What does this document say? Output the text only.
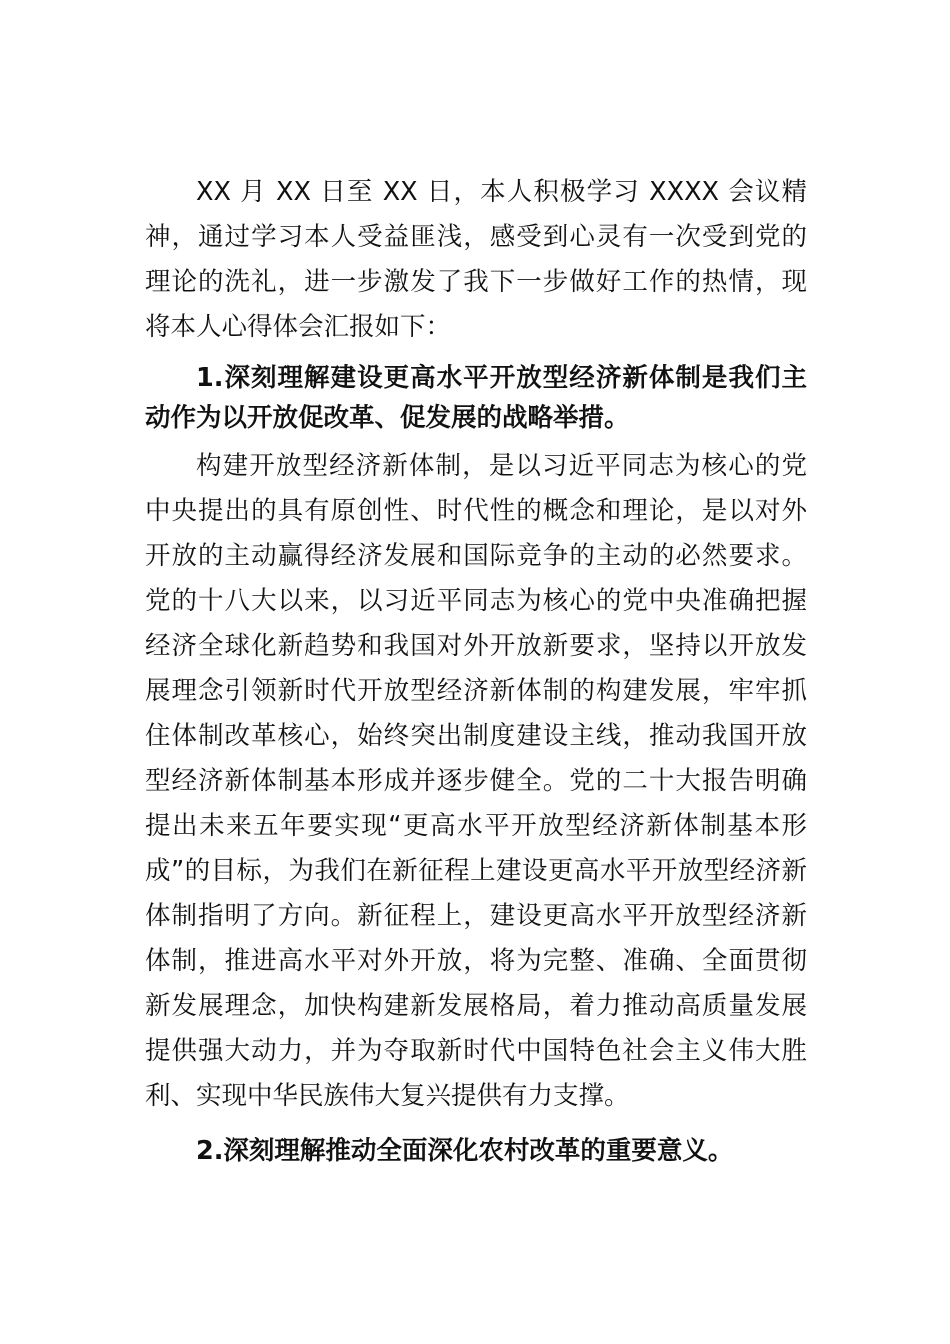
XX 月 XX 日至 XX 日，本人积极学习 XXXX 会议精神，通过学习本人受益匪浅，感受到心灵有一次受到党的理论的洗礼，进一步激发了我下一步做好工作的热情，现将本人心得体会汇报如下：

1.深刻理解建设更高水平开放型经济新体制是我们主动作为以开放促改革、促发展的战略举措。

构建开放型经济新体制，是以习近平同志为核心的党中央提出的具有原创性、时代性的概念和理论，是以对外开放的主动赢得经济发展和国际竞争的主动的必然要求。党的十八大以来，以习近平同志为核心的党中央准确把握经济全球化新趋势和我国对外开放新要求，坚持以开放发展理念引领新时代开放型经济新体制的构建发展，牢牢抓住体制改革核心，始终突出制度建设主线，推动我国开放型经济新体制基本形成并逐步健全。党的二十大报告明确提出未来五年要实现“更高水平开放型经济新体制基本形成”的目标，为我们在新征程上建设更高水平开放型经济新体制指明了方向。新征程上，建设更高水平开放型经济新体制，推进高水平对外开放，将为完整、准确、全面贯彻新发展理念，加快构建新发展格局，着力推动高质量发展提供强大动力，并为夺取新时代中国特色社会主义伟大胜利、实现中华民族伟大复兴提供有力支撑。

2.深刻理解推动全面深化农村改革的重要意义。
